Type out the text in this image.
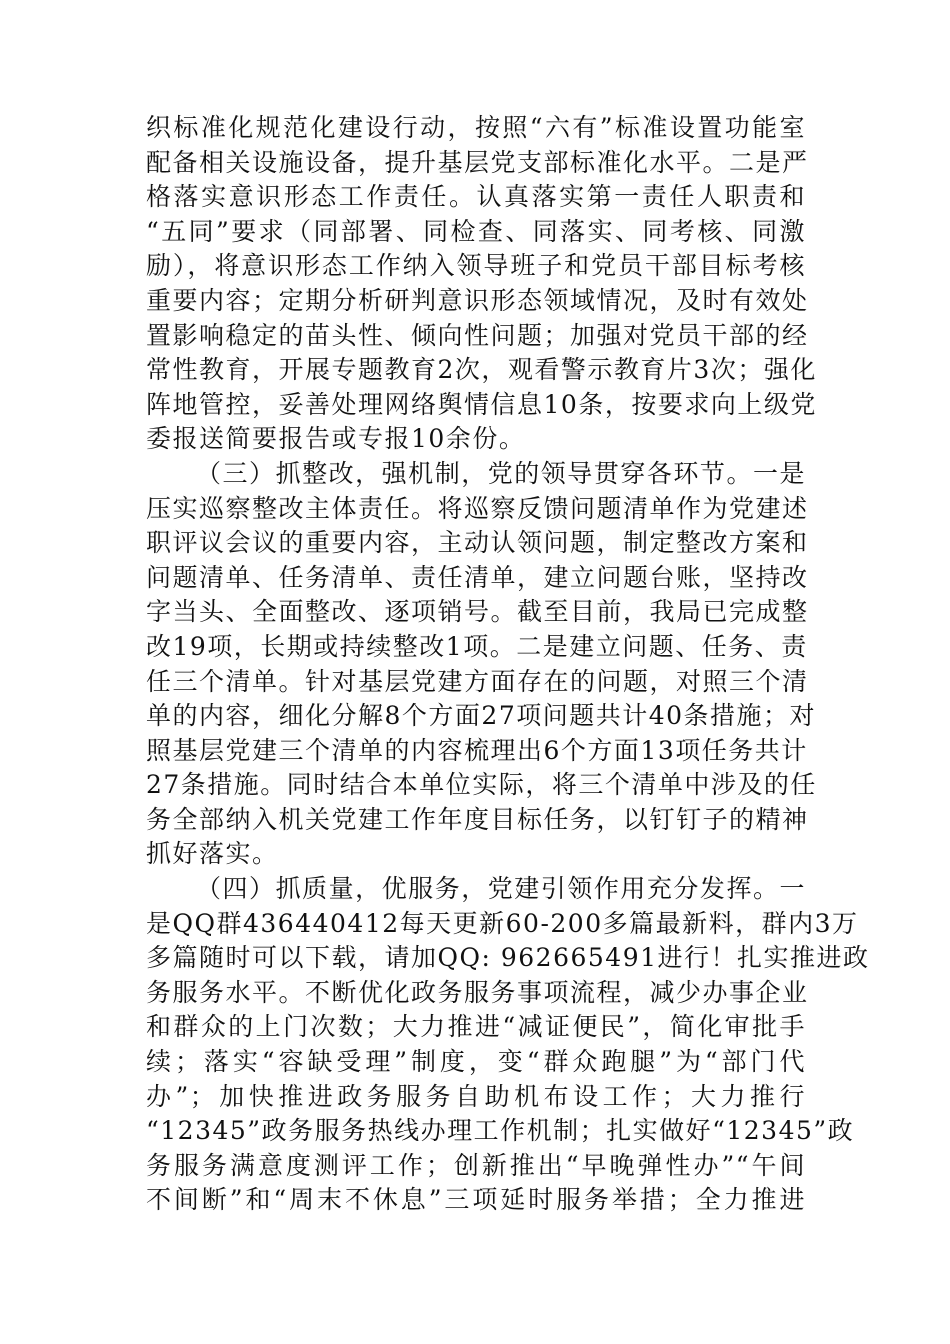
织标准化规范化建设行动，按照“六有”标准设置功能室
配备相关设施设备，提升基层党支部标准化水平。二是严
格落实意识形态工作责任。认真落实第一责任人职责和
“五同”要求（同部署、同检查、同落实、同考核、同激
励），将意识形态工作纳入领导班子和党员干部目标考核
重要内容；定期分析研判意识形态领域情况，及时有效处
置影响稳定的苗头性、倾向性问题；加强对党员干部的经
常性教育，开展专题教育2次，观看警示教育片3次；强化
阵地管控，妥善处理网络舆情信息10条，按要求向上级党
委报送简要报告或专报10余份。
（三）抓整改，强机制，党的领导贯穿各环节。一是
压实巡察整改主体责任。将巡察反馈问题清单作为党建述
职评议会议的重要内容，主动认领问题，制定整改方案和
问题清单、任务清单、责任清单，建立问题台账，坚持改
字当头、全面整改、逐项销号。截至目前，我局已完成整
改19项，长期或持续整改1项。二是建立问题、任务、责
任三个清单。针对基层党建方面存在的问题，对照三个清
单的内容，细化分解8个方面27项问题共计40条措施；对
照基层党建三个清单的内容梳理出6个方面13项任务共计
27条措施。同时结合本单位实际，将三个清单中涉及的任
务全部纳入机关党建工作年度目标任务，以钉钉子的精神
抓好落实。
（四）抓质量，优服务，党建引领作用充分发挥。一
是QQ群436440412每天更新60-200多篇最新料，群内3万
多篇随时可以下载，请加QQ: 962665491进行！扎实推进政
务服务水平。不断优化政务服务事项流程，减少办事企业
和群众的上门次数；大力推进“减证便民”，简化审批手
续；落实“容缺受理”制度，变“群众跑腿”为“部门代
办”；加快推进政务服务自助机布设工作；大力推行
“12345”政务服务热线办理工作机制；扎实做好“12345”政
务服务满意度测评工作；创新推出“早晚弹性办”“午间
不间断”和“周末不休息”三项延时服务举措；全力推进
